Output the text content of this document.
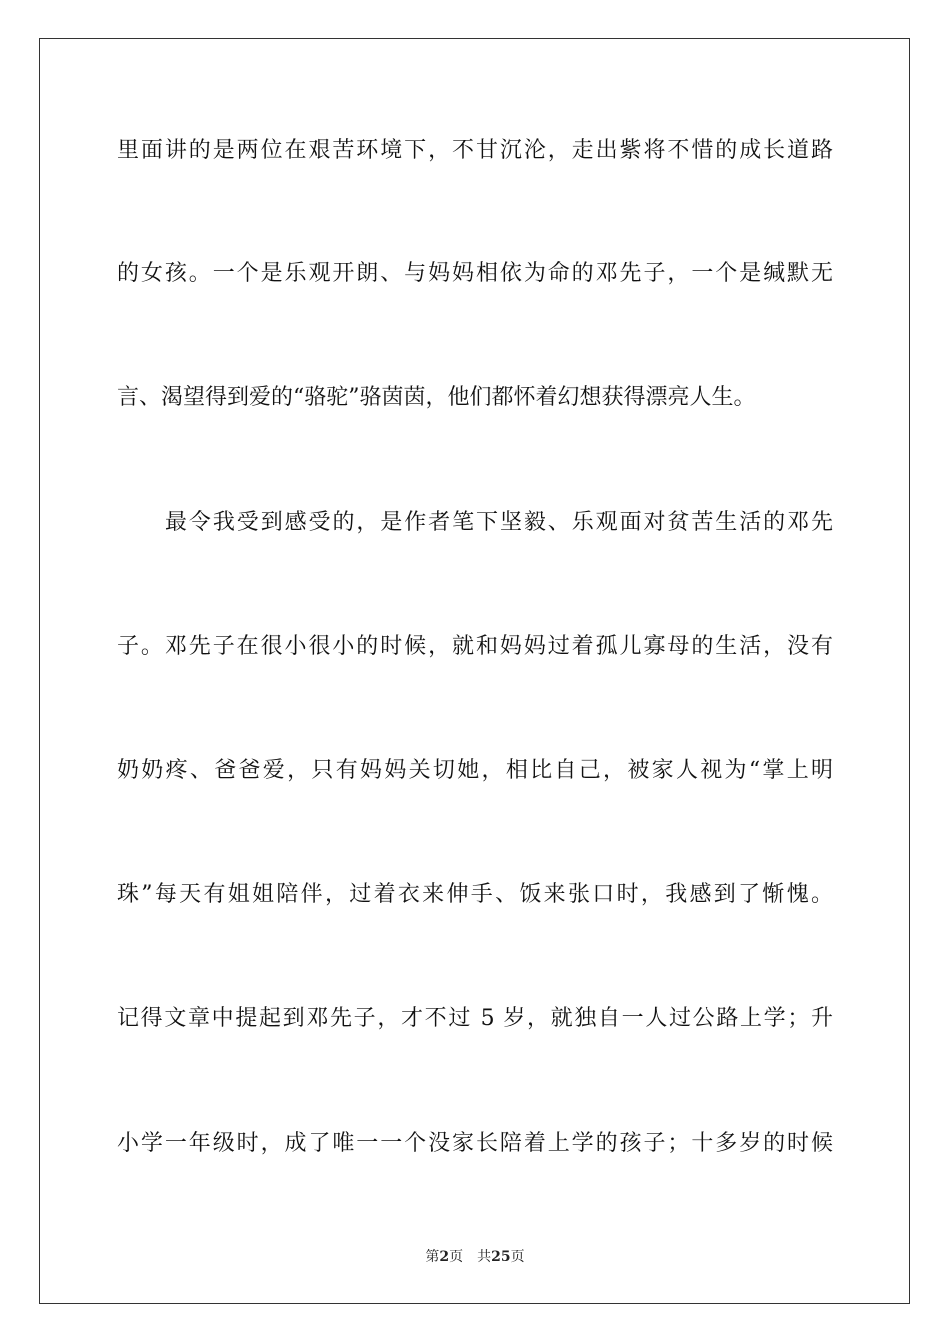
里面讲的是两位在艰苦环境下，不甘沉沦，走出紫将不惜的成长道路
的女孩。一个是乐观开朗、与妈妈相依为命的邓先子，一个是缄默无
言、渴望得到爱的“骆驼”骆茵茵，他们都怀着幻想获得漂亮人生。
最令我受到感受的，是作者笔下坚毅、乐观面对贫苦生活的邓先
子。邓先子在很小很小的时候，就和妈妈过着孤儿寡母的生活，没有
奶奶疼、爸爸爱，只有妈妈关切她，相比自己，被家人视为“掌上明
珠”每天有姐姐陪伴，过着衣来伸手、饭来张口时，我感到了惭愧。
记得文章中提起到邓先子，才不过 5 岁，就独自一人过公路上学；升
小学一年级时，成了唯一一个没家长陪着上学的孩子；十多岁的时候
第2页 共25页
